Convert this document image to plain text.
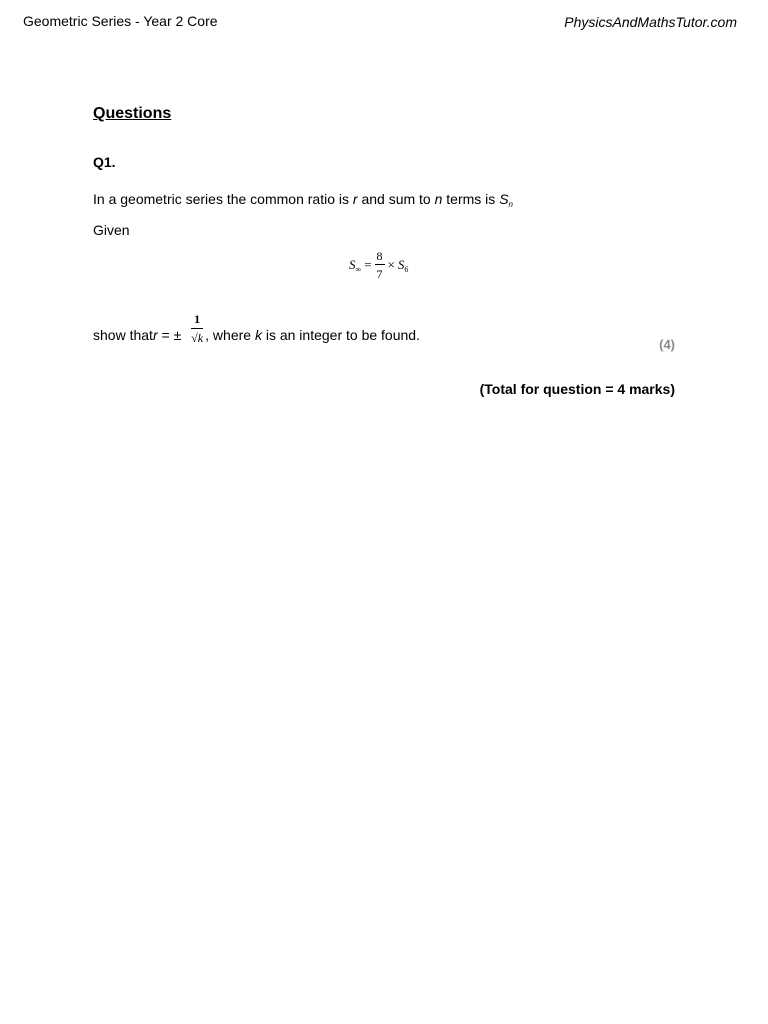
Geometric Series - Year 2 Core	PhysicsAndMathsTutor.com
Questions
Q1.
In a geometric series the common ratio is r and sum to n terms is $S_n$
Given
$S_\infty = \frac{8}{7} \times S_6$
show that r = ± $\frac{1}{√k}$ , where k is an integer to be found.
(4)
(Total for question = 4 marks)
